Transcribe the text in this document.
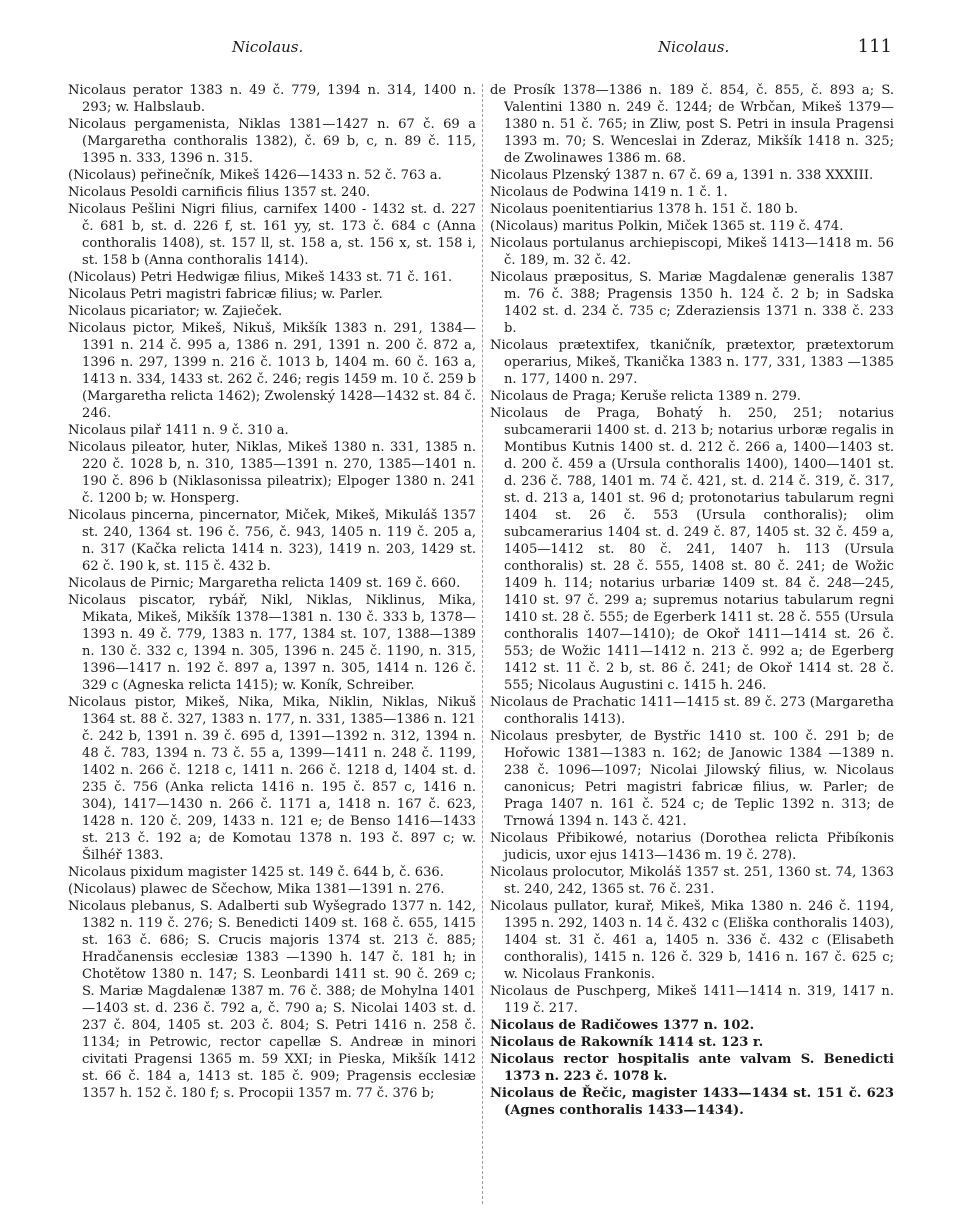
Nicolaus.	Nicolaus.	111

Nicolaus perator 1383 n. 49 č. 779, 1394 n. 314, 1400 n. 293; w. Halbslaub.

Nicolaus pergamenista, Niklas 1381—1427 n. 67 č. 69 a (Margaretha conthoralis 1382), č. 69 b, c, n. 89 č. 115, 1395 n. 333, 1396 n. 315.

(Nicolaus) peřinečník, Mikeš 1426—1433 n. 52 č. 763 a.

Nicolaus Pesoldi carnificis filius 1357 st. 240.

Nicolaus Pešlini Nigri filius, carnifex 1400 - 1432 st. d. 227 č. 681 b, st. d. 226 f, st. 161 yy, st. 173 č. 684 c (Anna conthoralis 1408), st. 157 ll, st. 158 a, st. 156 x, st. 158 i, st. 158 b (Anna conthoralis 1414).

(Nicolaus) Petri Hedwigæ filius, Mikeš 1433 st. 71 č. 161.

Nicolaus Petri magistri fabricæ filius; w. Parler.

Nicolaus picariator; w. Zajieček.

Nicolaus pictor, Mikeš, Nikuš, Mikšík 1383 n. 291, 1384—1391 n. 214 č. 995 a, 1386 n. 291, 1391 n. 200 č. 872 a, 1396 n. 297, 1399 n. 216 č. 1013 b, 1404 m. 60 č. 163 a, 1413 n. 334, 1433 st. 262 č. 246; regis 1459 m. 10 č. 259 b (Margaretha relicta 1462); Zwolenský 1428—1432 st. 84 č. 246.

Nicolaus pilař 1411 n. 9 č. 310 a.

Nicolaus pileator, huter, Niklas, Mikeš 1380 n. 331, 1385 n. 220 č. 1028 b, n. 310, 1385—1391 n. 270, 1385—1401 n. 190 č. 896 b (Niklasonissa pileatrix); Elpoger 1380 n. 241 č. 1200 b; w. Honsperg.

Nicolaus pincerna, pincernator, Miček, Mikeš, Mikuláš 1357 st. 240, 1364 st. 196 č. 756, č. 943, 1405 n. 119 č. 205 a, n. 317 (Kačka relicta 1414 n. 323), 1419 n. 203, 1429 st. 62 č. 190 k, st. 115 č. 432 b.

Nicolaus de Pirnic; Margaretha relicta 1409 st. 169 č. 660.

Nicolaus piscator, rybář, Nikl, Niklas, Niklinus, Mika, Mikata, Mikeš, Mikšík 1378—1381 n. 130 č. 333 b, 1378—1393 n. 49 č. 779, 1383 n. 177, 1384 st. 107, 1388—1389 n. 130 č. 332 c, 1394 n. 305, 1396 n. 245 č. 1190, n. 315, 1396—1417 n. 192 č. 897 a, 1397 n. 305, 1414 n. 126 č. 329 c (Agneska relicta 1415); w. Koník, Schreiber.

Nicolaus pistor, Mikeš, Nika, Mika, Niklin, Niklas, Nikuš 1364 st. 88 č. 327, 1383 n. 177, n. 331, 1385—1386 n. 121 č. 242 b, 1391 n. 39 č. 695 d, 1391—1392 n. 312, 1394 n. 48 č. 783, 1394 n. 73 č. 55 a, 1399—1411 n. 248 č. 1199, 1402 n. 266 č. 1218 c, 1411 n. 266 č. 1218 d, 1404 st. d. 235 č. 756 (Anka relicta 1416 n. 195 č. 857 c, 1416 n. 304), 1417—1430 n. 266 č. 1171 a, 1418 n. 167 č. 623, 1428 n. 120 č. 209, 1433 n. 121 e; de Benso 1416—1433 st. 213 č. 192 a; de Komotau 1378 n. 193 č. 897 c; w. Šilhéř 1383.

Nicolaus pixidum magister 1425 st. 149 č. 644 b, č. 636.

(Nicolaus) plawec de Sčechow, Mika 1381—1391 n. 276.

Nicolaus plebanus, S. Adalberti sub Wyšegrado 1377 n. 142, 1382 n. 119 č. 276; S. Benedicti 1409 st. 168 č. 655, 1415 st. 163 č. 686; S. Crucis majoris 1374 st. 213 č. 885; Hradčanensis ecclesiæ 1383 —1390 h. 147 č. 181 h; in Chotětow 1380 n. 147; S. Leonbardi 1411 st. 90 č. 269 c; S. Mariæ Magdalenæ 1387 m. 76 č. 388; de Mohylna 1401—1403 st. d. 236 č. 792 a, č. 790 a; S. Nicolai 1403 st. d. 237 č. 804, 1405 st. 203 č. 804; S. Petri 1416 n. 258 č. 1134; in Petrowic, rector capellæ S. Andreæ in minori civitati Pragensi 1365 m. 59 XXI; in Pieska, Mikšík 1412 st. 66 č. 184 a, 1413 st. 185 č. 909; Pragensis ecclesiæ 1357 h. 152 č. 180 f; s. Procopii 1357 m. 77 č. 376 b;

de Prosík 1378—1386 n. 189 č. 854, č. 855, č. 893 a; S. Valentini 1380 n. 249 č. 1244; de Wrbčan, Mikeš 1379—1380 n. 51 č. 765; in Zliw, post S. Petri in insula Pragensi 1393 m. 70; S. Wenceslai in Zderaz, Mikšík 1418 n. 325; de Zwolinawes 1386 m. 68.

Nicolaus Plzenský 1387 n. 67 č. 69 a, 1391 n. 338 XXXIII.

Nicolaus de Podwina 1419 n. 1 č. 1.

Nicolaus poenitentiarius 1378 h. 151 č. 180 b.

(Nicolaus) maritus Polkin, Miček 1365 st. 119 č. 474.

Nicolaus portulanus archiepiscopi, Mikeš 1413—1418 m. 56 č. 189, m. 32 č. 42.

Nicolaus præpositus, S. Mariæ Magdalenæ generalis 1387 m. 76 č. 388; Pragensis 1350 h. 124 č. 2 b; in Sadska 1402 st. d. 234 č. 735 c; Zderaziensis 1371 n. 338 č. 233 b.

Nicolaus prætextifex, tkaničník, prætextor, prætextorum operarius, Mikeš, Tkanička 1383 n. 177, 331, 1383 —1385 n. 177, 1400 n. 297.

Nicolaus de Praga; Keruše relicta 1389 n. 279.

Nicolaus de Praga, Bohatý h. 250, 251; notarius subcamerarii 1400 st. d. 213 b; notarius urboræ regalis in Montibus Kutnis 1400 st. d. 212 č. 266 a, 1400—1403 st. d. 200 č. 459 a (Ursula conthoralis 1400), 1400—1401 st. d. 236 č. 788, 1401 m. 74 č. 421, st. d. 214 č. 319, č. 317, st. d. 213 a, 1401 st. 96 d; protonotarius tabularum regni 1404 st. 26 č. 553 (Ursula conthoralis); olim subcamerarius 1404 st. d. 249 č. 87, 1405 st. 32 č. 459 a, 1405—1412 st. 80 č. 241, 1407 h. 113 (Ursula conthoralis) st. 28 č. 555, 1408 st. 80 č. 241; de Wožic 1409 h. 114; notarius urbariæ 1409 st. 84 č. 248—245, 1410 st. 97 č. 299 a; supremus notarius tabularum regni 1410 st. 28 č. 555; de Egerberk 1411 st. 28 č. 555 (Ursula conthoralis 1407—1410); de Okoř 1411—1414 st. 26 č. 553; de Wožic 1411—1412 n. 213 č. 992 a; de Egerberg 1412 st. 11 č. 2 b, st. 86 č. 241; de Okoř 1414 st. 28 č. 555; Nicolaus Augustini c. 1415 h. 246.

Nicolaus de Prachatic 1411—1415 st. 89 č. 273 (Margaretha conthoralis 1413).

Nicolaus presbyter, de Bystřic 1410 st. 100 č. 291 b; de Hořowic 1381—1383 n. 162; de Janowic 1384 —1389 n. 238 č. 1096—1097; Nicolai Jilowský filius, w. Nicolaus canonicus; Petri magistri fabricæ filius, w. Parler; de Praga 1407 n. 161 č. 524 c; de Teplic 1392 n. 313; de Trnowá 1394 n. 143 č. 421.

Nicolaus Přibikowé, notarius (Dorothea relicta Přibíkonis judicis, uxor ejus 1413—1436 m. 19 č. 278).

Nicolaus prolocutor, Mikoláš 1357 st. 251, 1360 st. 74, 1363 st. 240, 242, 1365 st. 76 č. 231.

Nicolaus pullator, kurař, Mikeš, Mika 1380 n. 246 č. 1194, 1395 n. 292, 1403 n. 14 č. 432 c (Eliška conthoralis 1403), 1404 st. 31 č. 461 a, 1405 n. 336 č. 432 c (Elisabeth conthoralis), 1415 n. 126 č. 329 b, 1416 n. 167 č. 625 c; w. Nicolaus Frankonis.

Nicolaus de Puschperg, Mikeš 1411—1414 n. 319, 1417 n. 119 č. 217.

Nicolaus de Radičowes 1377 n. 102.

Nicolaus de Rakowník 1414 st. 123 r.

Nicolaus rector hospitalis ante valvam S. Benedicti 1373 n. 223 č. 1078 k.

Nicolaus de Řečic, magister 1433—1434 st. 151 č. 623 (Agnes conthoralis 1433—1434).
